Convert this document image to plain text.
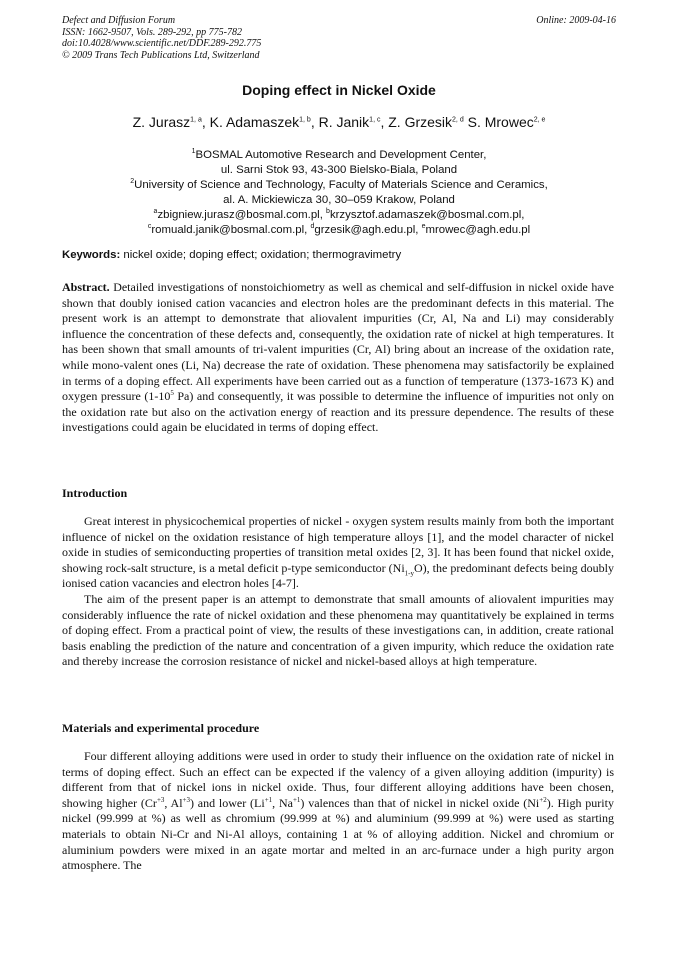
Defect and Diffusion Forum
ISSN: 1662-9507, Vols. 289-292, pp 775-782
doi:10.4028/www.scientific.net/DDF.289-292.775
© 2009 Trans Tech Publications Ltd, Switzerland
Online: 2009-04-16
Doping effect in Nickel Oxide
Z. Jurasz$^{1, a}$, K. Adamaszek$^{1, b}$, R. Janik$^{1, c}$, Z. Grzesik$^{2, d}$ S. Mrowec$^{2, e}$
$^1$BOSMAL Automotive Research and Development Center,
ul. Sarni Stok 93, 43-300 Bielsko-Biala, Poland
$^2$University of Science and Technology, Faculty of Materials Science and Ceramics,
al. A. Mickiewicza 30, 30–059 Krakow, Poland
$^a$zbigniew.jurasz@bosmal.com.pl, $^b$krzysztof.adamaszek@bosmal.com.pl,
$^c$romuald.janik@bosmal.com.pl, $^d$grzesik@agh.edu.pl, $^e$mrowec@agh.edu.pl
Keywords: nickel oxide; doping effect; oxidation; thermogravimetry

Abstract. Detailed investigations of nonstoichiometry as well as chemical and self-diffusion in nickel oxide have shown that doubly ionised cation vacancies and electron holes are the predominant defects in this material. The present work is an attempt to demonstrate that aliovalent impurities (Cr, Al, Na and Li) may considerably influence the concentration of these defects and, consequently, the oxidation rate of nickel at high temperatures. It has been shown that small amounts of tri-valent impurities (Cr, Al) bring about an increase of the oxidation rate, while mono-valent ones (Li, Na) decrease the rate of oxidation. These phenomena may satisfactorily be explained in terms of a doping effect. All experiments have been carried out as a function of temperature (1373-1673 K) and oxygen pressure ($1-10^5$ Pa) and consequently, it was possible to determine the influence of impurities not only on the oxidation rate but also on the activation energy of reaction and its pressure dependence. The results of these investigations could again be elucidated in terms of doping effect.

Introduction

Great interest in physicochemical properties of nickel - oxygen system results mainly from both the important influence of nickel on the oxidation resistance of high temperature alloys [1], and the model character of nickel oxide in studies of semiconducting properties of transition metal oxides [2, 3]. It has been found that nickel oxide, showing rock-salt structure, is a metal deficit p-type semiconductor $(Ni_{1-y}O)$, the predominant defects being doubly ionised cation vacancies and electron holes [4-7].

The aim of the present paper is an attempt to demonstrate that small amounts of aliovalent impurities may considerably influence the rate of nickel oxidation and these phenomena may quantitatively be explained in terms of doping effect. From a practical point of view, the results of these investigations can, in addition, create rational basis enabling the prediction of the nature and concentration of a given impurity, which reduce the oxidation rate and thereby increase the corrosion resistance of nickel and nickel-based alloys at high temperature.

Materials and experimental procedure

Four different alloying additions were used in order to study their influence on the oxidation rate of nickel in terms of doping effect. Such an effect can be expected if the valency of a given alloying addition (impurity) is different from that of nickel ions in nickel oxide. Thus, four different alloying additions have been chosen, showing higher ($Cr^{+3}$, $Al^{+3}$) and lower ($Li^{+1}$, $Na^{+1}$) valences than that of nickel in nickel oxide $(Ni^{+2})$. High purity nickel (99.999 at %) as well as chromium (99.999 at %) and aluminium (99.999 at %) were used as starting materials to obtain Ni-Cr and Ni-Al alloys, containing 1 at % of alloying addition. Nickel and chromium or aluminium powders were mixed in an agate mortar and melted in an arc-furnace under a high purity argon atmosphere. The
